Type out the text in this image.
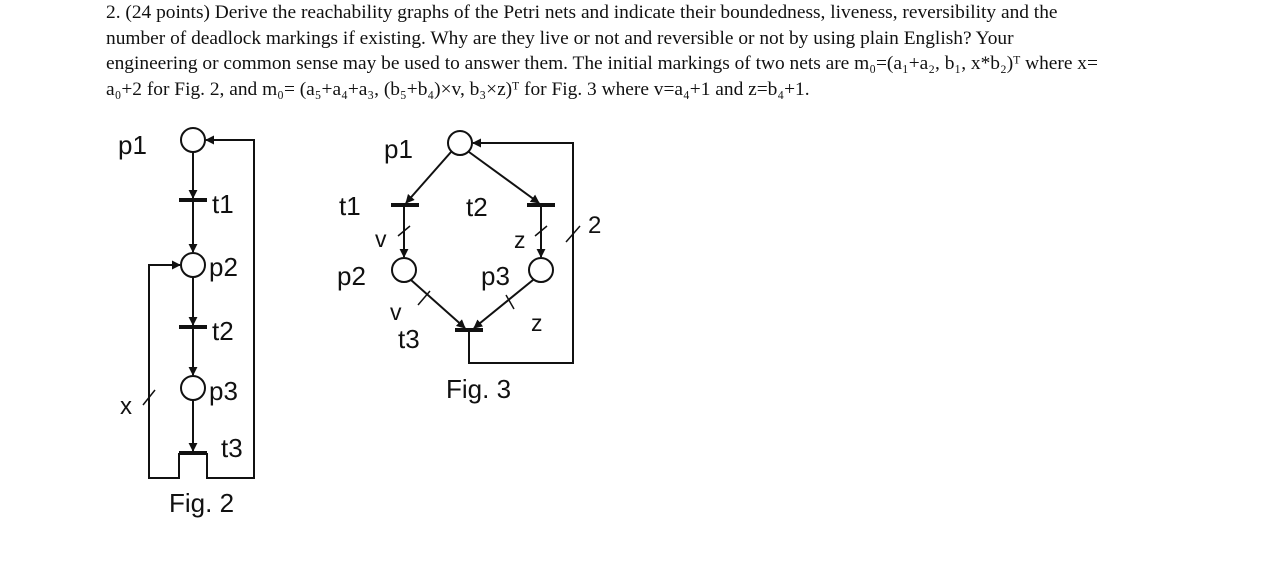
2. (24 points) Derive the reachability graphs of the Petri nets and indicate their boundedness, liveness, reversibility and the
number of deadlock markings if existing. Why are they live or not and reversible or not by using plain English? Your
engineering or common sense may be used to answer them. The initial markings of two nets are m₀=(a₁+a₂, b₁, x*b₂)ᵀ where x=
a₀+2 for Fig. 2, and m₀= (a₅+a₄+a₃, (b₅+b₄)×v, b₃×z)ᵀ for Fig. 3 where v=a₄+1 and z=b₄+1.
p1
t1
p2
t2
p3
t3
x
Fig. 2
p1
t1	t2
v	z
2
p2	p3
v	z
t3
Fig. 3
